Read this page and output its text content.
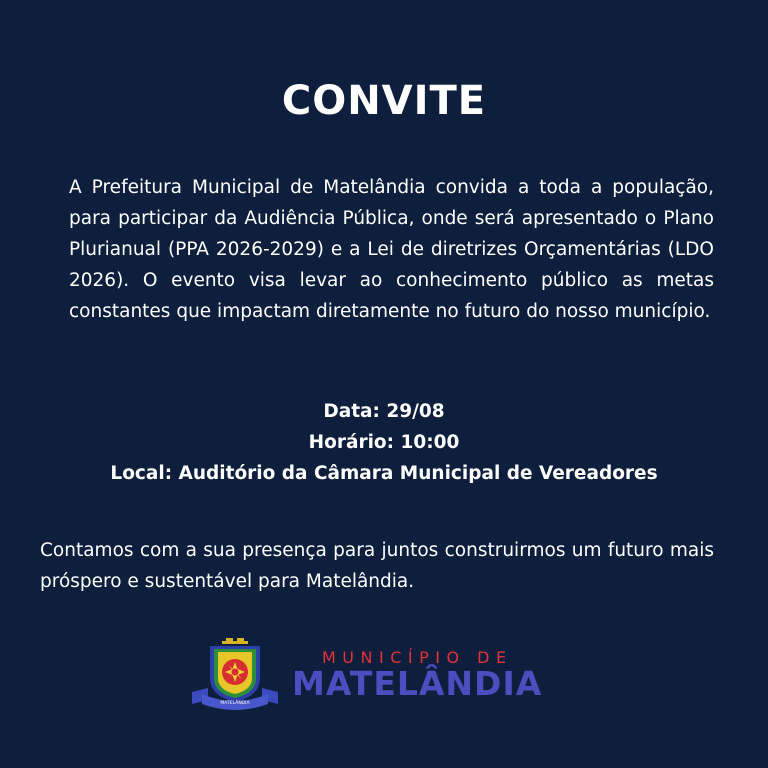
CONVITE

A Prefeitura Municipal de Matelândia convida a toda a população, para participar da Audiência Pública, onde será apresentado o Plano Plurianual (PPA 2026-2029) e a Lei de diretrizes Orçamentárias (LDO 2026). O evento visa levar ao conhecimento público as metas constantes que impactam diretamente no futuro do nosso município.

Data: 29/08
Horário: 10:00
Local: Auditório da Câmara Municipal de Vereadores

Contamos com a sua presença para juntos construirmos um futuro mais próspero e sustentável para Matelândia.

MATELÂNDIA
MUNICÍPIO DE
MATELÂNDIA
